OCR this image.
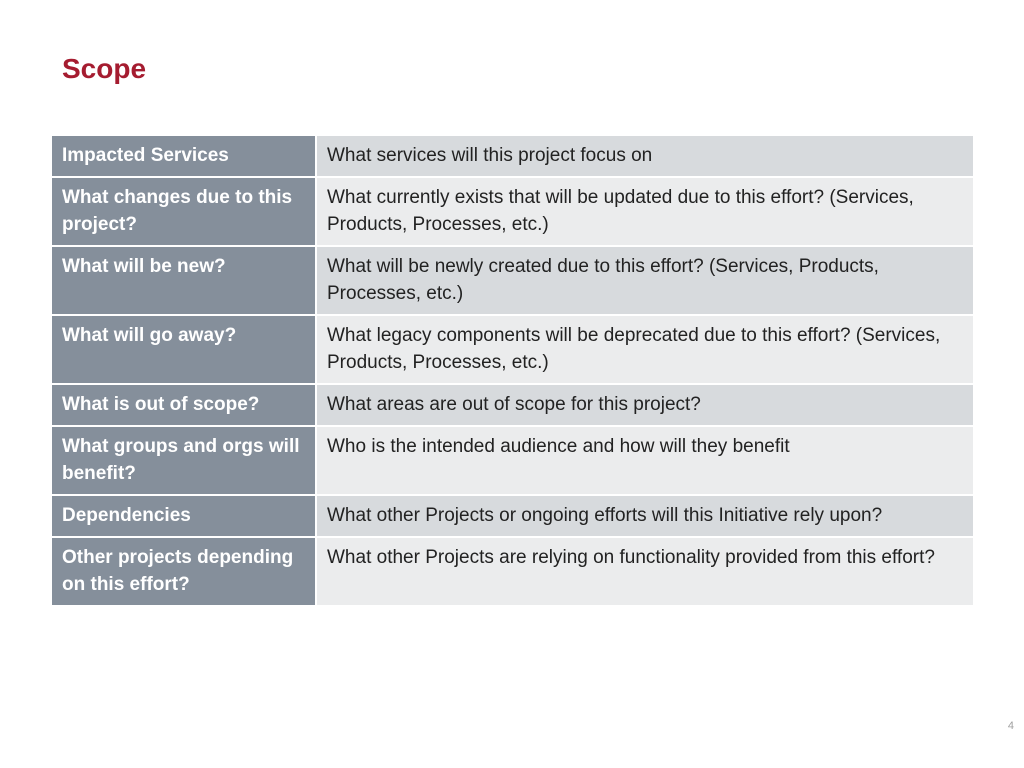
Scope
Impacted Services	What services will this project focus on
What changes due to this project?	What currently exists that will be updated due to this effort? (Services, Products, Processes, etc.)
What will be new?	What will be newly created due to this effort? (Services, Products, Processes, etc.)
What will go away?	What legacy components will be deprecated due to this effort? (Services, Products, Processes, etc.)
What is out of scope?	What areas are out of scope for this project?
What groups and orgs will benefit?	Who is the intended audience and how will they benefit
Dependencies	What other Projects or ongoing efforts will this Initiative rely upon?
Other projects depending on this effort?	What other Projects are relying on functionality provided from this effort?
4
